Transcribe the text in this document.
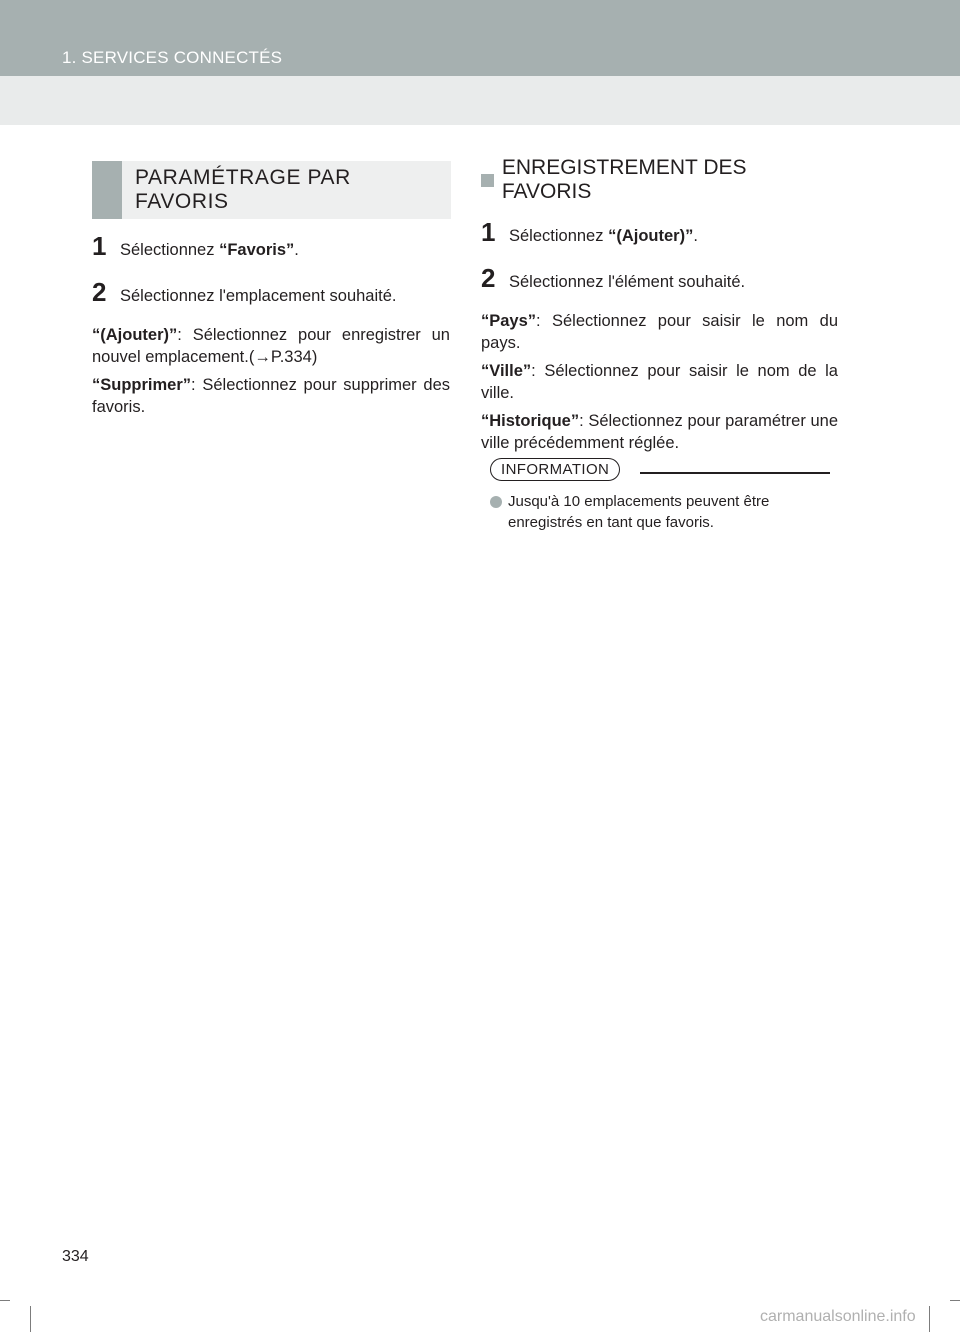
1. SERVICES CONNECTÉS
PARAMÉTRAGE PAR FAVORIS
1 Sélectionnez “Favoris”.
2 Sélectionnez l'emplacement souhaité.

“(Ajouter)”: Sélectionnez pour enregistrer un nouvel emplacement.(→P.334)

“Supprimer”: Sélectionnez pour supprimer des favoris.

ENREGISTREMENT DES FAVORIS
1 Sélectionnez “(Ajouter)”.
2 Sélectionnez l'élément souhaité.

“Pays”: Sélectionnez pour saisir le nom du pays.

“Ville”: Sélectionnez pour saisir le nom de la ville.

“Historique”: Sélectionnez pour paramétrer une ville précédemment réglée.

INFORMATION
Jusqu'à 10 emplacements peuvent être enregistrés en tant que favoris.
334
carmanualsonline.info
